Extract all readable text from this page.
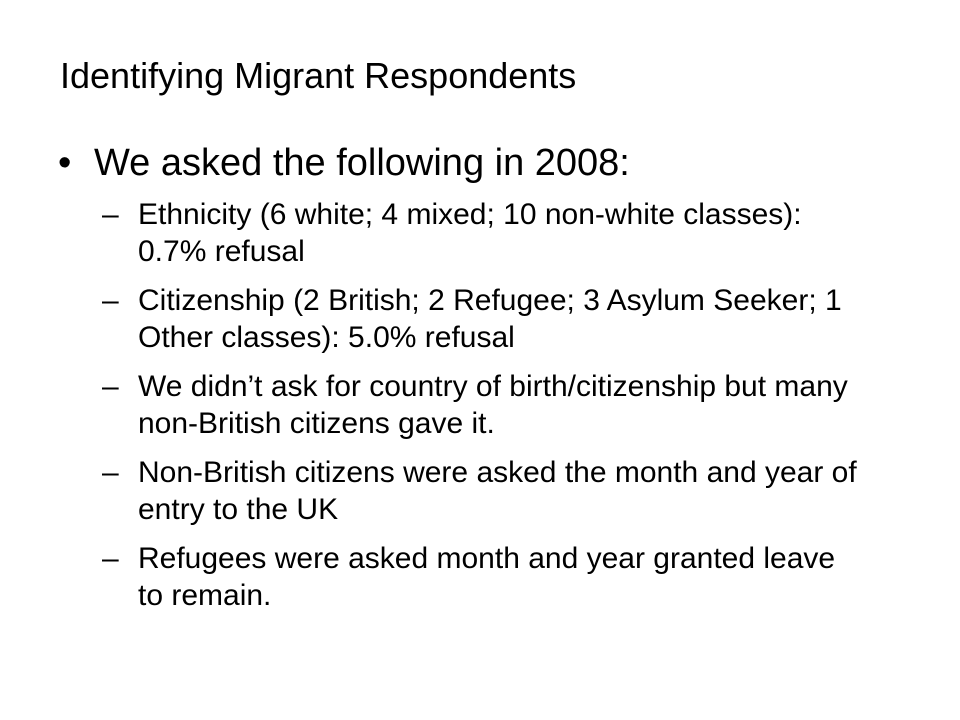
Identifying Migrant Respondents
• We asked the following in 2008:
– Ethnicity (6 white; 4 mixed; 10 non-white classes): 0.7% refusal
– Citizenship (2 British; 2 Refugee; 3 Asylum Seeker; 1 Other classes): 5.0% refusal
– We didn’t ask for country of birth/citizenship but many non-British citizens gave it.
– Non-British citizens were asked the month and year of entry to the UK
– Refugees were asked month and year granted leave to remain.
